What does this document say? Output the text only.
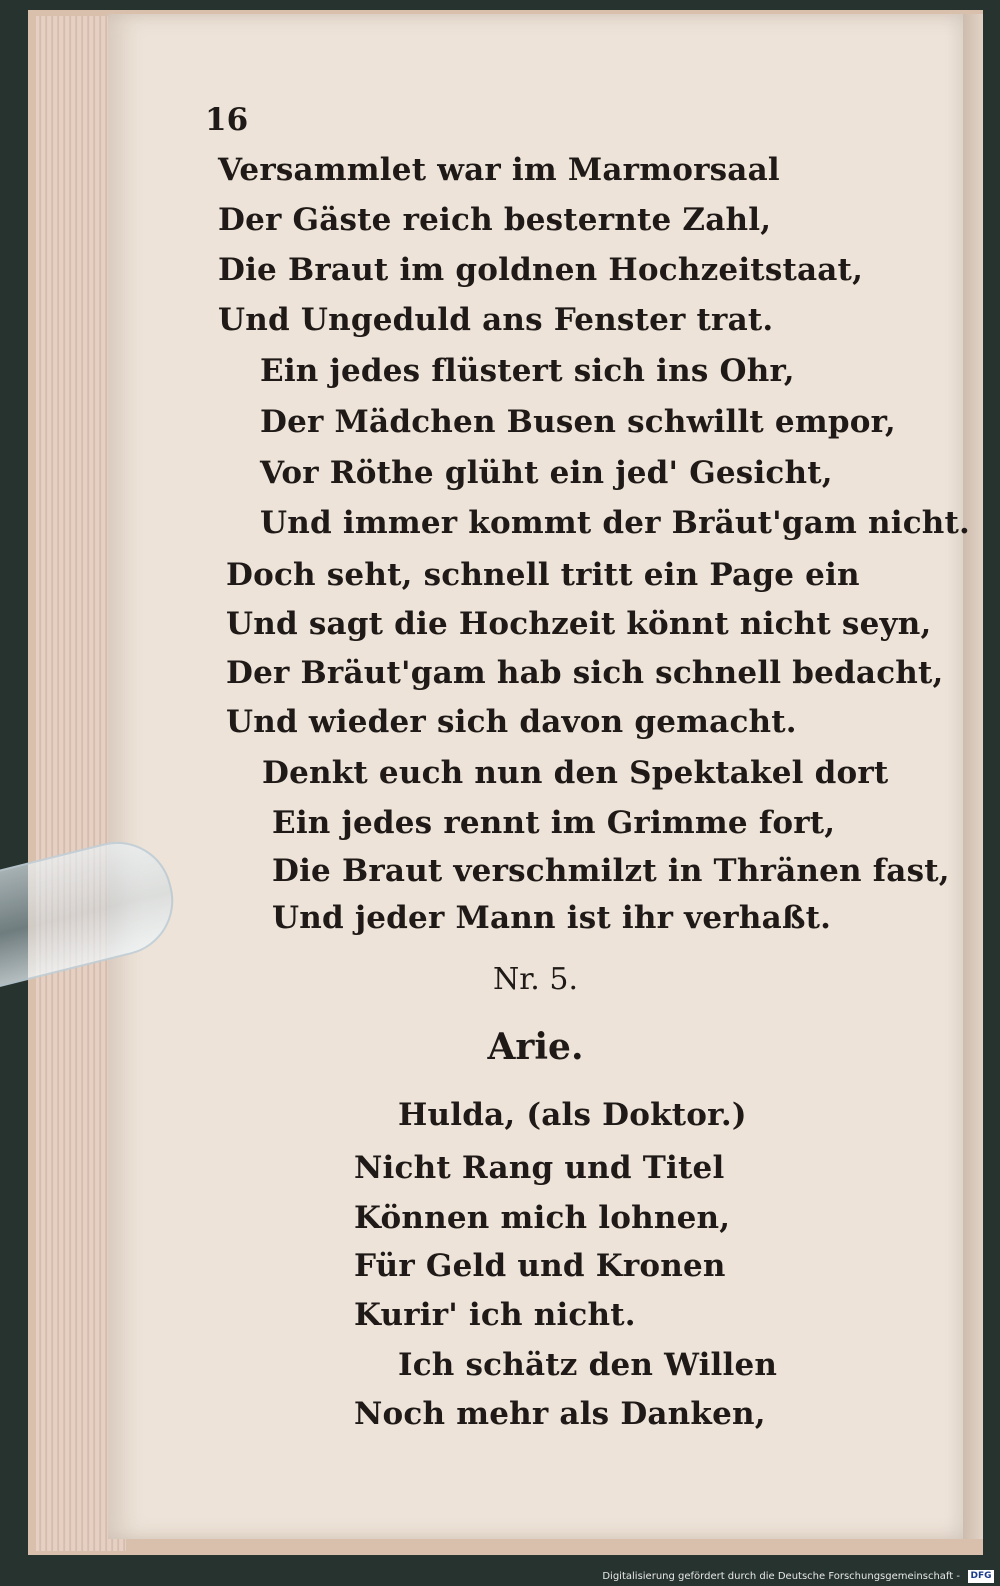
16
Versammlet war im Marmorsaal
Der Gäste reich besternte Zahl,
Die Braut im goldnen Hochzeitstaat,
Und Ungeduld ans Fenster trat.
Ein jedes flüstert sich ins Ohr,
Der Mädchen Busen schwillt empor,
Vor Röthe glüht ein jed' Gesicht,
Und immer kommt der Bräut'gam nicht.
Doch seht, schnell tritt ein Page ein
Und sagt die Hochzeit könnt nicht seyn,
Der Bräut'gam hab sich schnell bedacht,
Und wieder sich davon gemacht.
Denkt euch nun den Spektakel dort
Ein jedes rennt im Grimme fort,
Die Braut verschmilzt in Thränen fast,
Und jeder Mann ist ihr verhaßt.
Nr. 5.
Arie.
Hulda, (als Doktor.)
Nicht Rang und Titel
Können mich lohnen,
Für Geld und Kronen
Kurir' ich nicht.
Ich schätz den Willen
Noch mehr als Danken,
Digitalisierung gefördert durch die Deutsche Forschungsgemeinschaft - DFG
